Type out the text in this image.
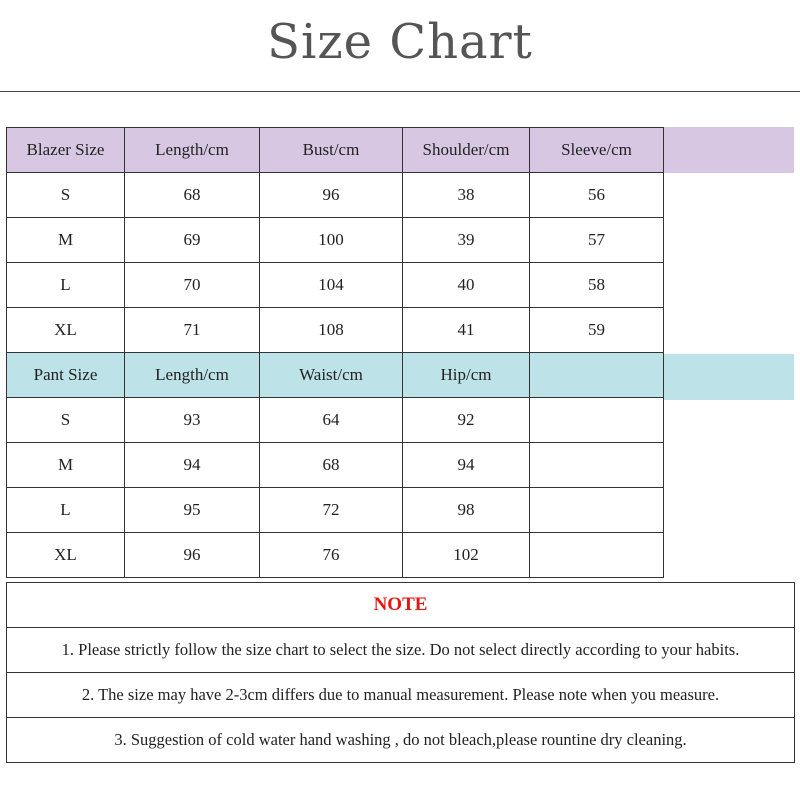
Size Chart
Blazer Size	Length/cm	Bust/cm	Shoulder/cm	Sleeve/cm
S	68	96	38	56
M	69	100	39	57
L	70	104	40	58
XL	71	108	41	59
Pant Size	Length/cm	Waist/cm	Hip/cm	
S	93	64	92	
M	94	68	94	
L	95	72	98	
XL	96	76	102	
NOTE
1. Please strictly follow the size chart to select the size. Do not select directly according to your habits.
2. The size may have 2-3cm differs due to manual measurement. Please note when you measure.
3. Suggestion of cold water hand washing , do not bleach,please rountine dry cleaning.
